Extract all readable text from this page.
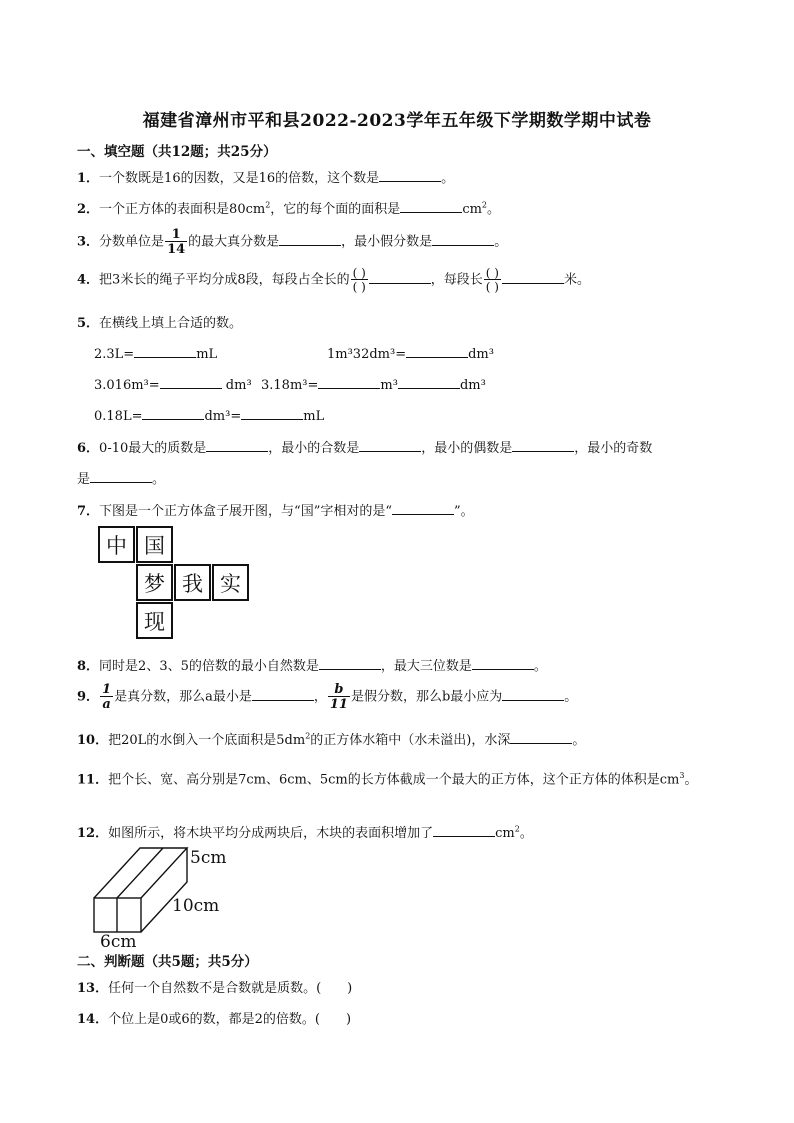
福建省漳州市平和县2022-2023学年五年级下学期数学期中试卷
一、填空题（共12题；共25分）
1．一个数既是16的因数，又是16的倍数，这个数是	。
2．一个正方体的表面积是$80cm^2$，它的每个面的面积是	$cm^2$。
3．分数单位是 $\frac{1}{14}$ 的最大真分数是	，最小假分数是	。
4．把3米长的绳子平均分成8段，每段占全长的 $\frac{( )}{( )}$	，每段长 $\frac{( )}{( )}$	米。
5．在横线上填上合适的数。
2.3L=	mL	1m³32dm³=	dm³
3.016m³=	dm³ 3.18m³=	m³	dm³
0.18L=	dm³=	mL
6．0-10最大的质数是	，最小的合数是	，最小的偶数是	，最小的奇数
是	。
7．下图是一个正方体盒子展开图，与“国”字相对的是“	”。
中 国
梦 我 实
现
8．同时是2、3、5的倍数的最小自然数是	，最大三位数是	。
9． $\frac{1}{a}$ 是真分数，那么a最小是	， $\frac{b}{11}$ 是假分数，那么b最小应为	。
10．把20L的水倒入一个底面积是$5dm^2$的正方体水箱中（水未溢出)，水深	。
11．把个长、宽、高分别是7cm、6cm、5cm的长方体截成一个最大的正方体，这个正方体的体积是$cm^3$。
12．如图所示，将木块平均分成两块后，木块的表面积增加了	$cm^2$。
5cm
10cm
6cm
二、判断题（共5题；共5分）
13．任何一个自然数不是合数就是质数。(　　)
14．个位上是0或6的数，都是2的倍数。(　　)
